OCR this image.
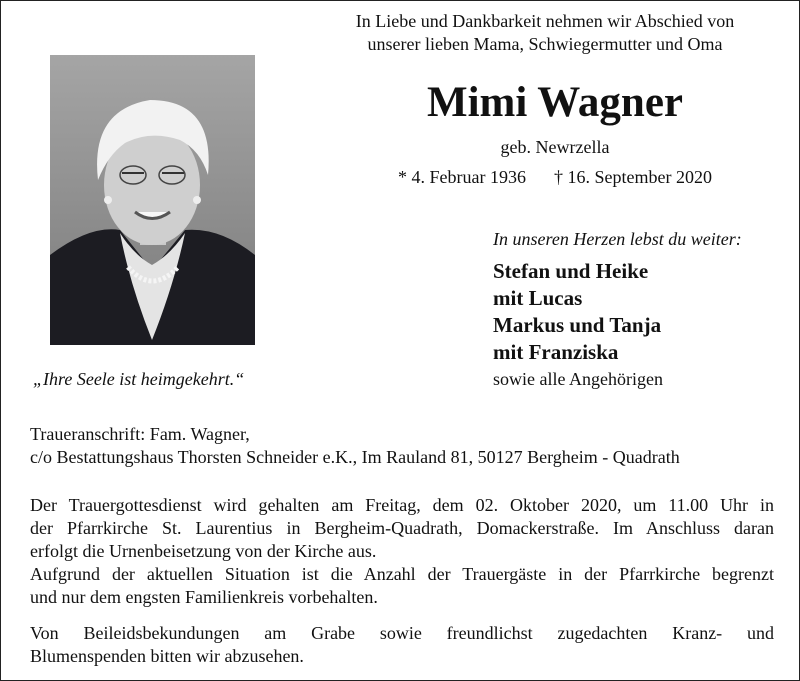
In Liebe und Dankbarkeit nehmen wir Abschied von
unserer lieben Mama, Schwiegermutter und Oma
Mimi Wagner
geb. Newrzella
* 4. Februar 1936 † 16. September 2020
In unseren Herzen lebst du weiter:
Stefan und Heike
mit Lucas
Markus und Tanja
mit Franziska
sowie alle Angehörigen
„Ihre Seele ist heimgekehrt.“
Traueranschrift: Fam. Wagner,
c/o Bestattungshaus Thorsten Schneider e.K., Im Rauland 81, 50127 Bergheim - Quadrath
Der Trauergottesdienst wird gehalten am Freitag, dem 02. Oktober 2020, um 11.00 Uhr in
der Pfarrkirche St. Laurentius in Bergheim-Quadrath, Domackerstraße. Im Anschluss daran
erfolgt die Urnenbeisetzung von der Kirche aus.
Aufgrund der aktuellen Situation ist die Anzahl der Trauergäste in der Pfarrkirche begrenzt
und nur dem engsten Familienkreis vorbehalten.
Von Beileidsbekundungen am Grabe sowie freundlichst zugedachten Kranz- und
Blumenspenden bitten wir abzusehen.
